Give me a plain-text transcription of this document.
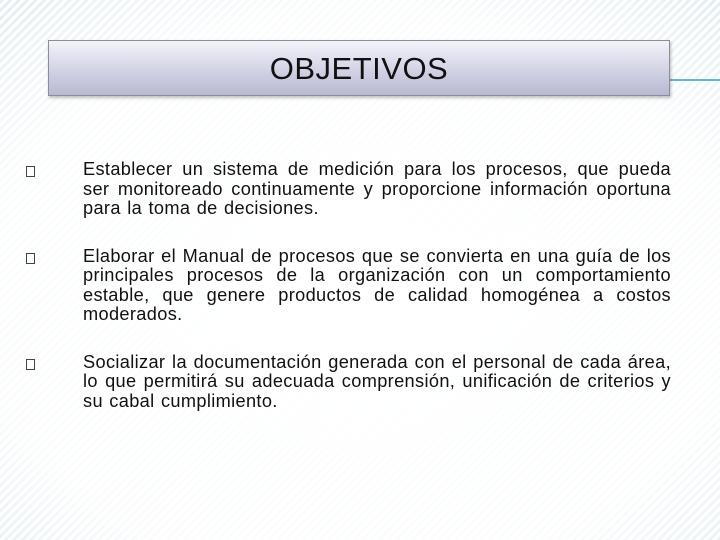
OBJETIVOS
Establecer un sistema de medición para los procesos, que pueda ser monitoreado continuamente y proporcione información oportuna para la toma de decisiones.
Elaborar el Manual de procesos que se convierta en una guía de los principales procesos de la organización con un comportamiento estable, que genere productos de calidad homogénea a costos moderados.
Socializar la documentación generada con el personal de cada área, lo que permitirá su adecuada comprensión, unificación de criterios y su cabal cumplimiento.
